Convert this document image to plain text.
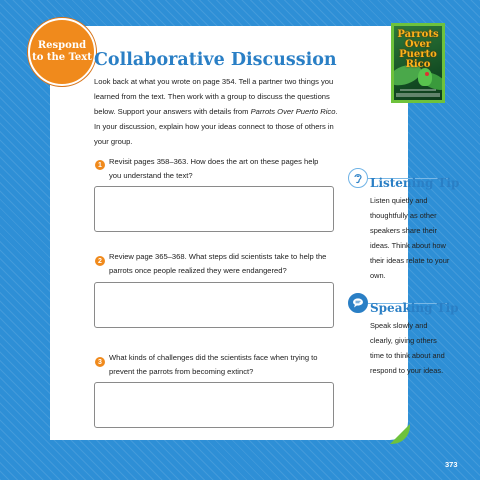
Respond
to the Text Collaborative Discussion
Parrots
Over
Puerto Rico
Look back at what you wrote on page 354. Tell a partner two things you learned from the text. Then work with a group to discuss the questions below. Support your answers with details from Parrots Over Puerto Rico. In your discussion, explain how your ideas connect to those of others in your group.
1 Revisit pages 358–363. How does the art on these pages help you understand the text?
2 Review page 365–368. What steps did scientists take to help the parrots once people realized they were endangered?
3 What kinds of challenges did the scientists face when trying to prevent the parrots from becoming extinct?
Listening Tip
Listen quietly and thoughtfully as other speakers share their ideas. Think about how their ideas relate to your own.
Speaking Tip
Speak slowly and clearly, giving others time to think about and respond to your ideas.
373
